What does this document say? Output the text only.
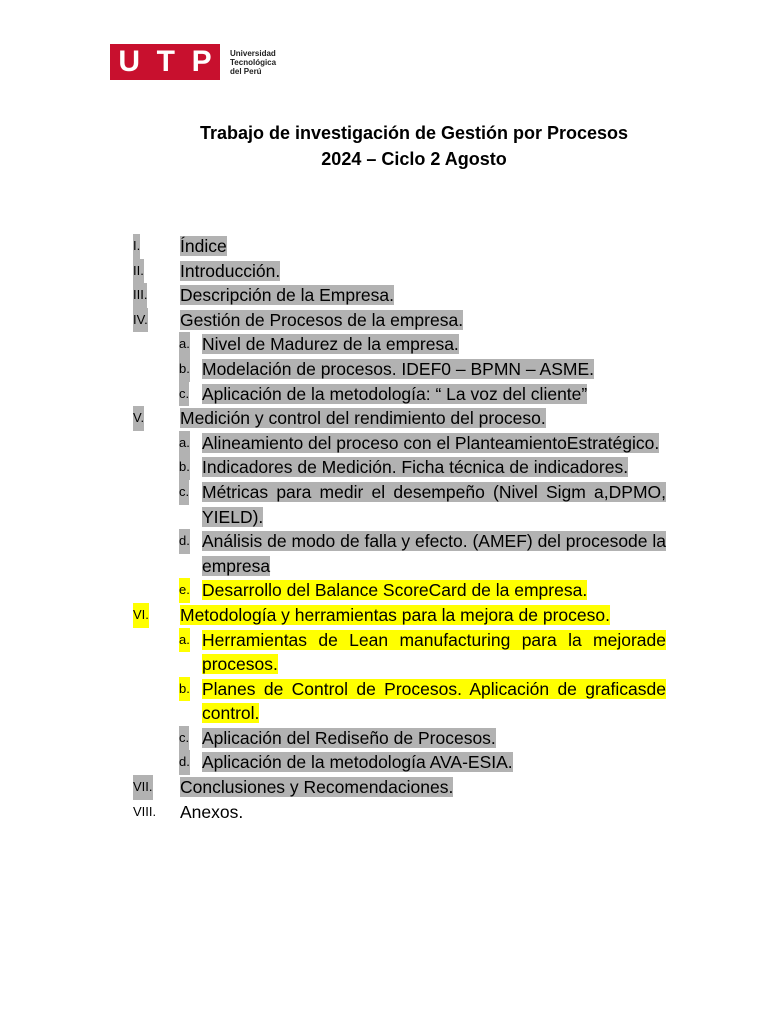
U T P Universidad
Tecnológica
del Perú
Trabajo de investigación de Gestión por Procesos
2024 – Ciclo 2 Agosto
I. Índice
II. Introducción.
III. Descripción de la Empresa.
IV. Gestión de Procesos de la empresa.
a. Nivel de Madurez de la empresa.
b. Modelación de procesos. IDEF0 – BPMN – ASME.
c. Aplicación de la metodología: “ La voz del cliente”
V. Medición y control del rendimiento del proceso.
a. Alineamiento del proceso con el PlanteamientoEstratégico.
b. Indicadores de Medición. Ficha técnica de indicadores.
c. Métricas para medir el desempeño (Nivel Sigm a,DPMO, YIELD).
d. Análisis de modo de falla y efecto. (AMEF) del procesode la empresa
e. Desarrollo del Balance ScoreCard de la empresa.
VI. Metodología y herramientas para la mejora de proceso.
a. Herramientas de Lean manufacturing para la mejorade procesos.
b. Planes de Control de Procesos. Aplicación de graficasde control.
c. Aplicación del Rediseño de Procesos.
d. Aplicación de la metodología AVA-ESIA.
VII. Conclusiones y Recomendaciones.
VIII. Anexos.
